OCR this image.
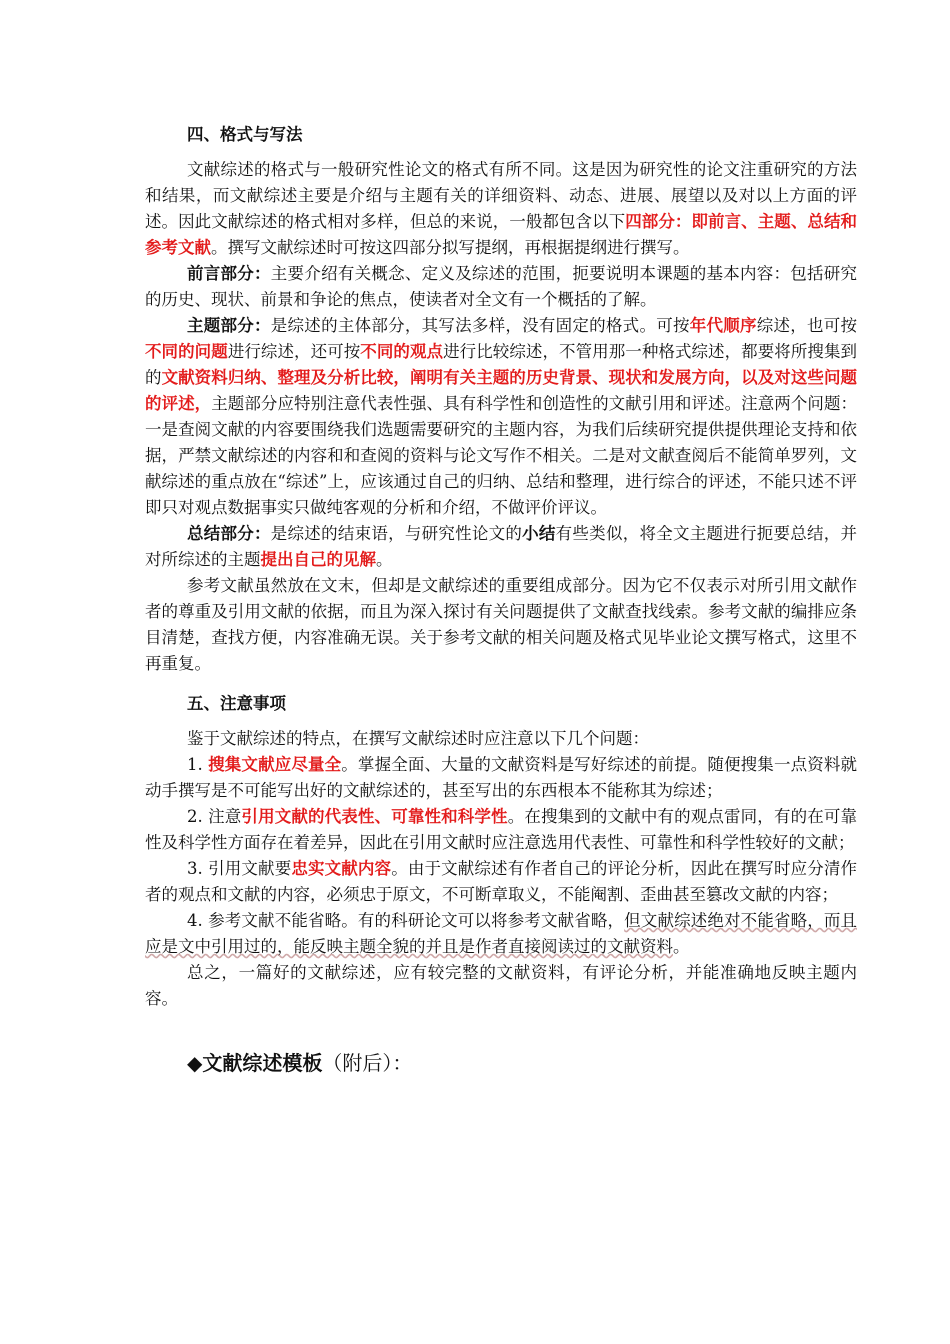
四、格式与写法

文献综述的格式与一般研究性论文的格式有所不同。这是因为研究性的论文注重研究的方法和结果，而文献综述主要是介绍与主题有关的详细资料、动态、进展、展望以及对以上方面的评述。因此文献综述的格式相对多样，但总的来说，一般都包含以下四部分：即前言、主题、总结和参考文献。撰写文献综述时可按这四部分拟写提纲，再根据提纲进行撰写。

前言部分：主要介绍有关概念、定义及综述的范围，扼要说明本课题的基本内容：包括研究的历史、现状、前景和争论的焦点，使读者对全文有一个概括的了解。

主题部分：是综述的主体部分，其写法多样，没有固定的格式。可按年代顺序综述，也可按不同的问题进行综述，还可按不同的观点进行比较综述，不管用那一种格式综述，都要将所搜集到的文献资料归纳、整理及分析比较，阐明有关主题的历史背景、现状和发展方向，以及对这些问题的评述，主题部分应特别注意代表性强、具有科学性和创造性的文献引用和评述。注意两个问题：一是查阅文献的内容要围绕我们选题需要研究的主题内容，为我们后续研究提供提供理论支持和依据，严禁文献综述的内容和和查阅的资料与论文写作不相关。二是对文献查阅后不能简单罗列，文献综述的重点放在“综述”上，应该通过自己的归纳、总结和整理，进行综合的评述，不能只述不评即只对观点数据事实只做纯客观的分析和介绍，不做评价评议。

总结部分：是综述的结束语，与研究性论文的小结有些类似，将全文主题进行扼要总结，并对所综述的主题提出自己的见解。

参考文献虽然放在文末，但却是文献综述的重要组成部分。因为它不仅表示对所引用文献作者的尊重及引用文献的依据，而且为深入探讨有关问题提供了文献查找线索。参考文献的编排应条目清楚，查找方便，内容准确无误。关于参考文献的相关问题及格式见毕业论文撰写格式，这里不再重复。

五、注意事项

鉴于文献综述的特点，在撰写文献综述时应注意以下几个问题：

1. 搜集文献应尽量全。掌握全面、大量的文献资料是写好综述的前提。随便搜集一点资料就动手撰写是不可能写出好的文献综述的，甚至写出的东西根本不能称其为综述；

2. 注意引用文献的代表性、可靠性和科学性。在搜集到的文献中有的观点雷同，有的在可靠性及科学性方面存在着差异，因此在引用文献时应注意选用代表性、可靠性和科学性较好的文献；

3. 引用文献要忠实文献内容。由于文献综述有作者自己的评论分析，因此在撰写时应分清作者的观点和文献的内容，必须忠于原文，不可断章取义，不能阉割、歪曲甚至篡改文献的内容；

4. 参考文献不能省略。有的科研论文可以将参考文献省略，但文献综述绝对不能省略，而且应是文中引用过的，能反映主题全貌的并且是作者直接阅读过的文献资料。

总之，一篇好的文献综述，应有较完整的文献资料，有评论分析，并能准确地反映主题内容。

◆文献综述模板（附后）：
